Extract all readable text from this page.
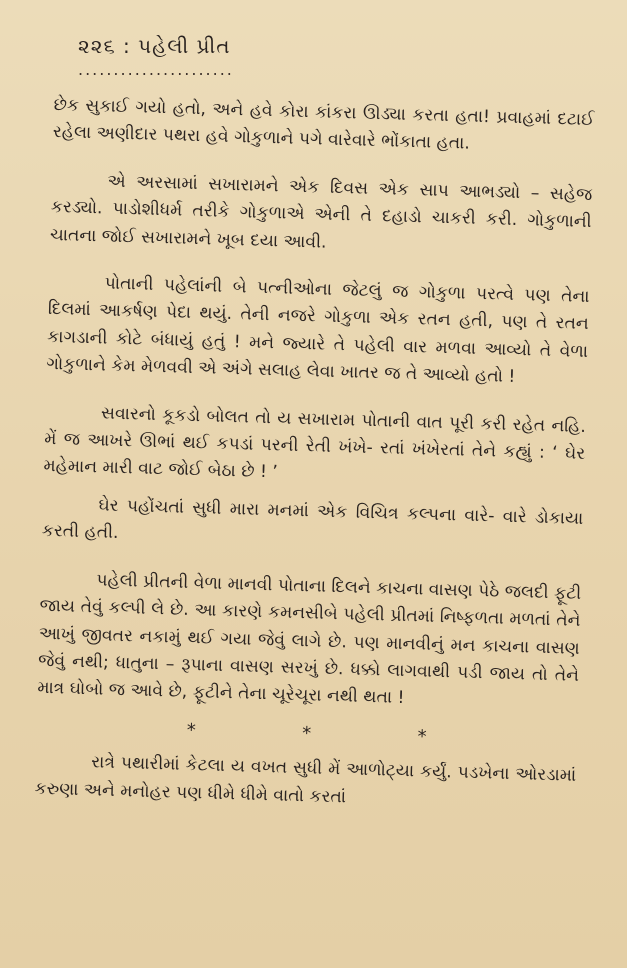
૨૨૬ : પહેલી પ્રીત
......................

છેક સુકાઈ ગયો હતો, અને હવે કોરા કાંકરા ઊડ્યા કરતા હતા! પ્રવાહમાં દટાઈ રહેલા અણીદાર પથરા હવે ગોકુળાને પગે વારેવારે ભોંકાતા હતા.

એ અરસામાં સખારામને એક દિવસ એક સાપ આભડ્યો – સહેજ કરડ્યો. પાડોશીધર્મ તરીકે ગોકુળાએ એની તે દહાડો ચાકરી કરી. ગોકુળાની ચાતના જોઈ સખારામને ખૂબ દયા આવી.

પોતાની પહેલાંની બે પત્નીઓના જેટલું જ ગોકુળા પરત્વે પણ તેના દિલમાં આકર્ષણ પેદા થયું. તેની નજરે ગોકુળા એક રતન હતી, પણ તે રતન કાગડાની કોટે બંધાયું હતું ! મને જ્યારે તે પહેલી વાર મળવા આવ્યો તે વેળા ગોકુળાને કેમ મેળવવી એ અંગે સલાહ લેવા ખાતર જ તે આવ્યો હતો !

સવારનો કૂકડો બોલત તો ય સખારામ પોતાની વાત પૂરી કરી રહેત નહિ. મેં જ આખરે ઊભાં થઈ કપડાં પરની રેતી ખંખે- રતાં ખંખેરતાં તેને કહ્યું : ‘ ઘેર મહેમાન મારી વાટ જોઈ બેઠા છે ! ’

ઘેર પહોંચતાં સુધી મારા મનમાં એક વિચિત્ર કલ્પના વારે- વારે ડોકાયા કરતી હતી.

પહેલી પ્રીતની વેળા માનવી પોતાના દિલને કાચના વાસણ પેઠે જલદી ફૂટી જાય તેવું કલ્પી લે છે. આ કારણે કમનસીબે પહેલી પ્રીતમાં નિષ્ફળતા મળતાં તેને આખું જીવતર નકામું થઈ ગયા જેવું લાગે છે. પણ માનવીનું મન કાચના વાસણ જેવું નથી; ધાતુના – રૂપાના વાસણ સરખું છે. ધક્કો લાગવાથી પડી જાય તો તેને માત્ર ઘોબો જ આવે છે, ફૂટીને તેના ચૂરેચૂરા નથી થતા !

*	*	*

રાત્રે પથારીમાં કેટલા ય વખત સુધી મેં આળોટ્યા કર્યું. પડખેના ઓરડામાં કરુણા અને મનોહર પણ ધીમે ધીમે વાતો કરતાં
